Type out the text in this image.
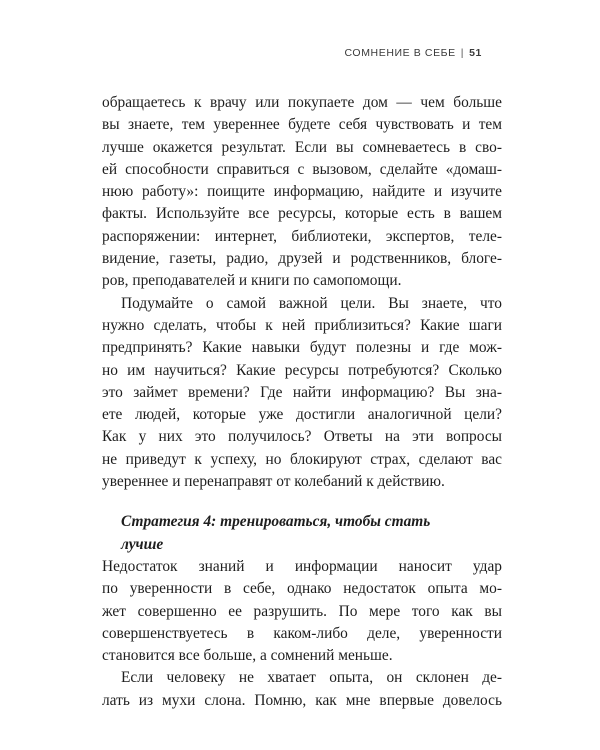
СОМНЕНИЕ В СЕБЕ | 51
обращаетесь к врачу или покупаете дом — чем больше
вы знаете, тем увереннее будете себя чувствовать и тем
лучше окажется результат. Если вы сомневаетесь в сво-
ей способности справиться с вызовом, сделайте «домаш-
нюю работу»: поищите информацию, найдите и изучите
факты. Используйте все ресурсы, которые есть в вашем
распоряжении: интернет, библиотеки, экспертов, теле-
видение, газеты, радио, друзей и родственников, блоге-
ров, преподавателей и книги по самопомощи.
Подумайте о самой важной цели. Вы знаете, что
нужно сделать, чтобы к ней приблизиться? Какие шаги
предпринять? Какие навыки будут полезны и где мож-
но им научиться? Какие ресурсы потребуются? Сколько
это займет времени? Где найти информацию? Вы зна-
ете людей, которые уже достигли аналогичной цели?
Как у них это получилось? Ответы на эти вопросы
не приведут к успеху, но блокируют страх, сделают вас
увереннее и перенаправят от колебаний к действию.
Стратегия 4: тренироваться, чтобы стать
лучше
Недостаток знаний и информации наносит удар
по уверенности в себе, однако недостаток опыта мо-
жет совершенно ее разрушить. По мере того как вы
совершенствуетесь в каком-либо деле, уверенности
становится все больше, а сомнений меньше.
Если человеку не хватает опыта, он склонен де-
лать из мухи слона. Помню, как мне впервые довелось
